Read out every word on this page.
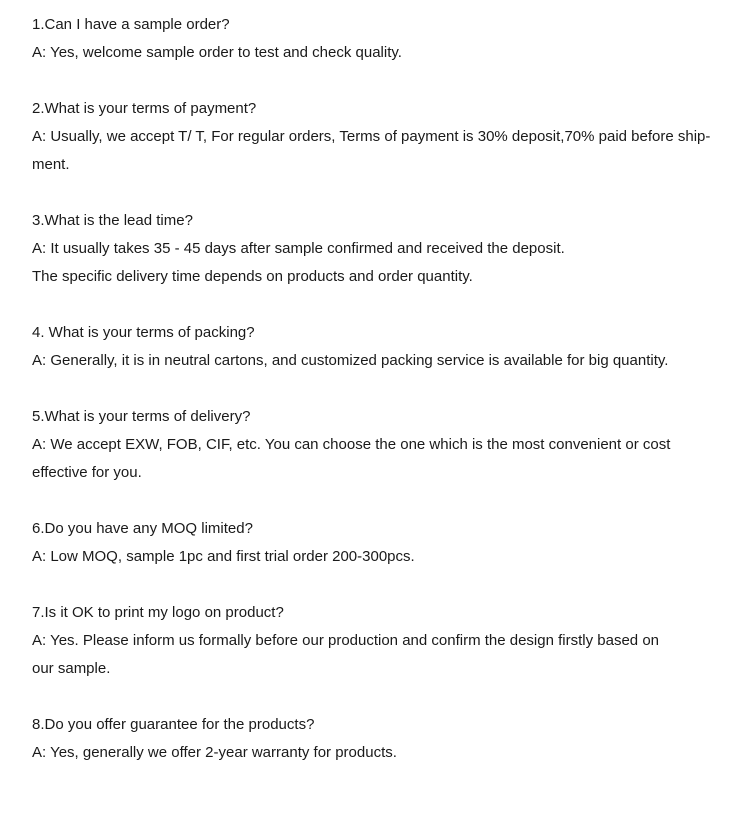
1.Can I have a sample order?
A: Yes, welcome sample order to test and check quality.
2.What is your terms of payment?
A: Usually, we accept T/ T, For regular orders, Terms of payment is 30% deposit,70% paid before ship-
ment.
3.What is the lead time?
A: It usually takes 35 - 45 days after sample confirmed and received the deposit.
The specific delivery time depends on products and order quantity.
4. What is your terms of packing?
A: Generally, it is in neutral cartons, and customized packing service is available for big quantity.
5.What is your terms of delivery?
A: We accept EXW, FOB, CIF, etc. You can choose the one which is the most convenient or cost
effective for you.
6.Do you have any MOQ limited?
A: Low MOQ, sample 1pc and first trial order 200-300pcs.
7.Is it OK to print my logo on product?
A: Yes. Please inform us formally before our production and confirm the design firstly based on
our sample.
8.Do you offer guarantee for the products?
A: Yes, generally we offer 2-year warranty for products.
